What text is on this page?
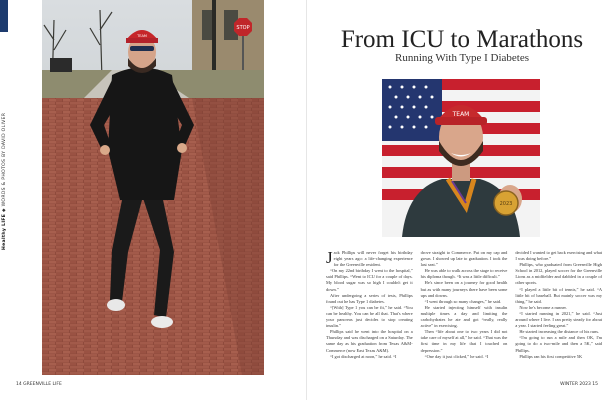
Healthy LIFE ◆ WORDS & PHOTOS BY DAVID OLIVER
STOP
TEAM
14 GREENVILLE LIFE
From ICU to Marathons
Running With Type I Diabetes
TEAM
2023

Jack Phillips will never forget his birthday eight years ago: a life-changing experience for the Greenville resident.

“On my 22nd birthday I went to the hospital,” said Phillips. “Went to ICU for a couple of days. My blood sugar was so high I couldn't get it down.”

After undergoing a series of tests, Phillips found out he has Type 1 diabetes.

“[With] Type 1 you can be fit,” he said. “You can be healthy. You can be all that. That's where your pancreas just decides to stop creating insulin.”

Phillips said he went into the hospital on a Thursday and was discharged on a Saturday. The same day as his graduation from Texas A&M-Commerce (now East Texas A&M).

“I got discharged at noon,” he said. “I

drove straight to Commerce. Put on my cap and gown. I showed up late to graduation. I took the last seat.”

He was able to walk across the stage to receive his diploma though. “It was a little difficult.”

He's since been on a journey for good health but as with many journeys there have been some ups and downs.

“I went through so many changes,” he said.

He started injecting himself with insulin multiple times a day and limiting the carbohydrates he ate and got “really, really active” in exercising.

Then “life about one to two years I did not take care of myself at all,” he said. “That was the first time in my life that I touched on depression.”

“One day it just clicked,” he said. “I

decided I wanted to get back exercising and what I was doing before.”

Phillips, who graduated from Greenville High School in 2012, played soccer for the Greenville Lions as a midfielder and dabbled in a couple of other sports.

“I played a little bit of tennis,” he said. “A little bit of baseball. But mainly soccer was my thing,” he said.

Now he's become a runner.

“I started running in 2021,” he said. “Just around where I live. I ran pretty steady for about a year. I started feeling great.”

He started increasing the distance of his runs.

“I'm going to run a mile and then OK, I'm going to do a two-mile and then a 5K,” said Phillips.

Phillips ran his first competitive 5K

WINTER 2023 15
